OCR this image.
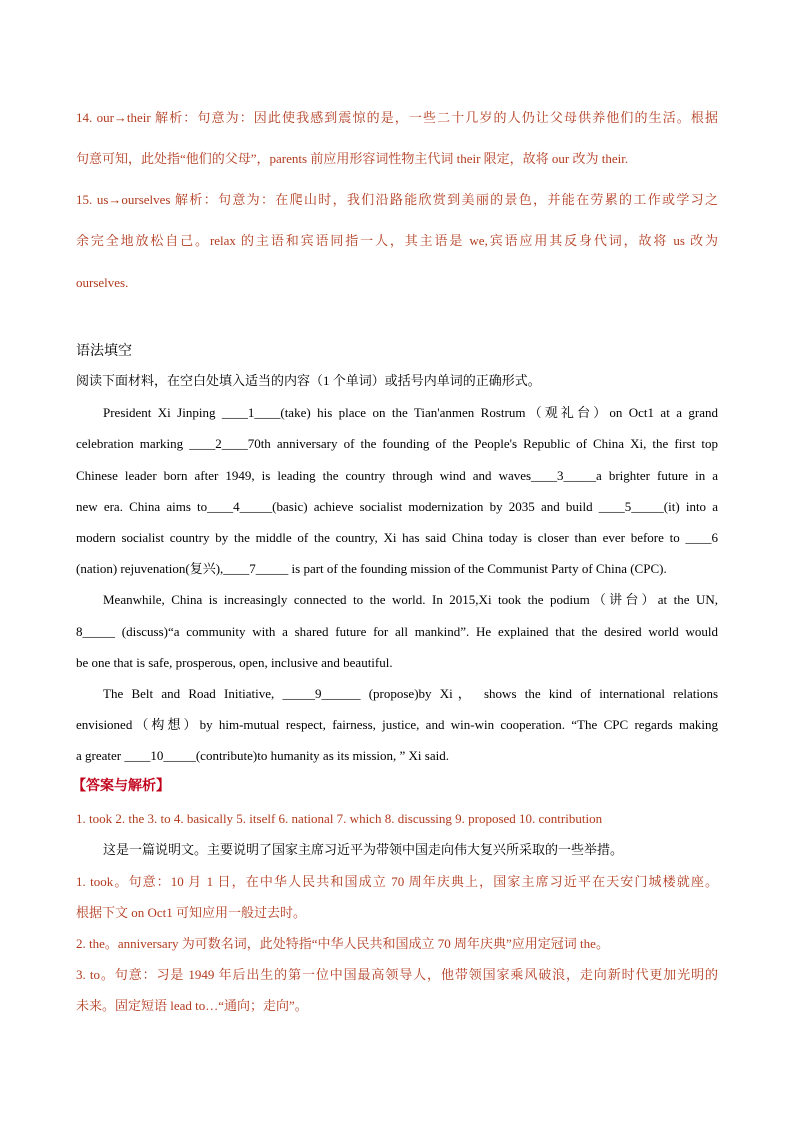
14. our→their 解析：句意为：因此使我感到震惊的是，一些二十几岁的人仍让父母供养他们的生活。根据
句意可知，此处指“他们的父母”，parents 前应用形容词性物主代词 their 限定，故将 our 改为 their.
15. us→ourselves 解析：句意为：在爬山时，我们沿路能欣赏到美丽的景色，并能在劳累的工作或学习之
余完全地放松自己。relax 的主语和宾语同指一人，其主语是 we,宾语应用其反身代词，故将 us 改为
ourselves.
语法填空
阅读下面材料，在空白处填入适当的内容（1 个单词）或括号内单词的正确形式。
President Xi Jinping ____1____(take) his place on the Tian'anmen Rostrum（观礼台）on Oct1 at a grand
celebration marking ____2____70th anniversary of the founding of the People's Republic of China Xi, the first top
Chinese leader born after 1949, is leading the country through wind and waves____3_____a brighter future in a
new era. China aims to____4_____(basic) achieve socialist modernization by 2035 and build ____5_____(it) into a
modern socialist country by the middle of the country, Xi has said China today is closer than ever before to ____6
(nation) rejuvenation(复兴),____7_____ is part of the founding mission of the Communist Party of China (CPC).
Meanwhile, China is increasingly connected to the world. In 2015,Xi took the podium（讲台）at the UN,
8_____ (discuss)“a community with a shared future for all mankind”. He explained that the desired world would
be one that is safe, prosperous, open, inclusive and beautiful.
The Belt and Road Initiative, _____9______ (propose)by Xi， shows the kind of international relations
envisioned（构想）by him-mutual respect, fairness, justice, and win-win cooperation. “The CPC regards making
a greater ____10_____(contribute)to humanity as its mission, ” Xi said.
【答案与解析】
1. took 2. the 3. to 4. basically 5. itself 6. national 7. which 8. discussing 9. proposed 10. contribution
这是一篇说明文。主要说明了国家主席习近平为带领中国走向伟大复兴所采取的一些举措。
1. took。句意：10 月 1 日，在中华人民共和国成立 70 周年庆典上，国家主席习近平在天安门城楼就座。
根据下文 on Oct1 可知应用一般过去时。
2. the。anniversary 为可数名词，此处特指“中华人民共和国成立 70 周年庆典”应用定冠词 the。
3. to。句意：习是 1949 年后出生的第一位中国最高领导人，他带领国家乘风破浪，走向新时代更加光明的
未来。固定短语 lead to…“通向；走向”。
